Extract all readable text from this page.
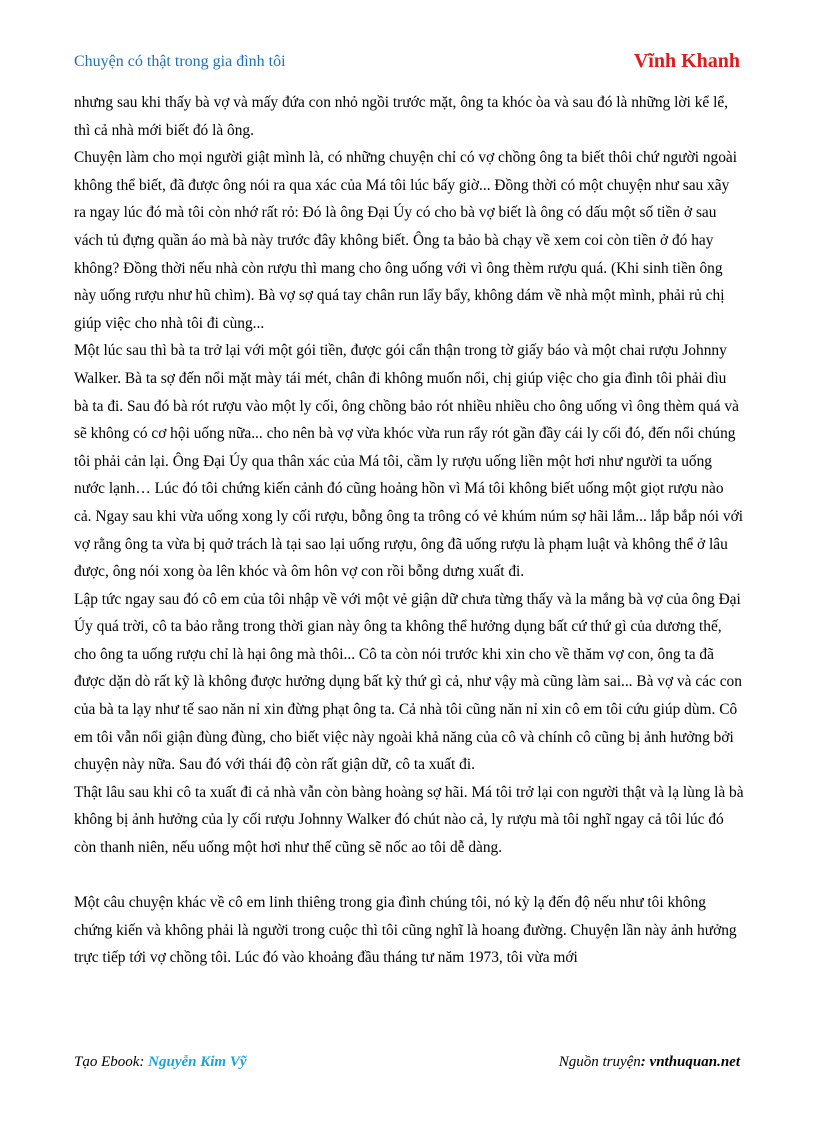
Chuyện có thật trong gia đình tôi	Vĩnh Khanh

nhưng sau khi thấy bà vợ và mấy đứa con nhỏ ngồi trước mặt, ông ta khóc òa và sau đó là những lời kể lể, thì cả nhà mới biết đó là ông.

Chuyện làm cho mọi người giật mình là, có những chuyện chỉ có vợ chồng ông ta biết thôi chứ người ngoài không thể biết, đã được ông nói ra qua xác của Má tôi lúc bấy giờ... Đồng thời có một chuyện như sau xãy ra ngay lúc đó mà tôi còn nhớ rất rỏ: Đó là ông Đại Úy có cho bà vợ biết là ông có dấu một số tiền ở sau vách tủ đựng quần áo mà bà này trước đây không biết. Ông ta bảo bà chạy về xem coi còn tiền ở đó hay không? Đồng thời nếu nhà còn rượu thì mang cho ông uống với vì ông thèm rượu quá. (Khi sinh tiền ông này uống rượu như hũ chìm). Bà vợ sợ quá tay chân run lẩy bẩy, không dám về nhà một mình, phải rủ chị giúp việc cho nhà tôi đi cùng...

Một lúc sau thì bà ta trở lại với một gói tiền, được gói cẩn thận trong tờ giấy báo và một chai rượu Johnny Walker. Bà ta sợ đến nổi mặt mày tái mét, chân đi không muốn nổi, chị giúp việc cho gia đình tôi phải dìu bà ta đi. Sau đó bà rót rượu vào một ly cối, ông chồng bảo rót nhiều nhiều cho ông uống vì ông thèm quá và sẽ không có cơ hội uống nữa... cho nên bà vợ vừa khóc vừa run rẩy rót gần đầy cái ly cối đó, đến nổi chúng tôi phải cản lại. Ông Đại Úy qua thân xác của Má tôi, cầm ly rượu uống liền một hơi như người ta uống nước lạnh… Lúc đó tôi chứng kiến cảnh đó cũng hoảng hồn vì Má tôi không biết uống một giọt rượu nào cả. Ngay sau khi vừa uống xong ly cối rượu, bỗng ông ta trông có vẻ khúm núm sợ hãi lắm... lắp bắp nói với vợ rằng ông ta vừa bị quở trách là tại sao lại uống rượu, ông đã uống rượu là phạm luật và không thể ở lâu được, ông nói xong òa lên khóc và ôm hôn vợ con rồi bỗng dưng xuất đi.

Lập tức ngay sau đó cô em của tôi nhập về với một vẻ giận dữ chưa từng thấy và la mắng bà vợ của ông Đại Úy quá trời, cô ta bảo rằng trong thời gian này ông ta không thể hưởng dụng bất cứ thứ gì của dương thế, cho ông ta uống rượu chỉ là hại ông mà thôi... Cô ta còn nói trước khi xin cho về thăm vợ con, ông ta đã được dặn dò rất kỹ là không được hưởng dụng bất kỳ thứ gì cả, như vậy mà cũng làm sai... Bà vợ và các con của bà ta lạy như tế sao năn nỉ xin đừng phạt ông ta. Cả nhà tôi cũng năn nỉ xin cô em tôi cứu giúp dùm. Cô em tôi vẫn nổi giận đùng đùng, cho biết việc này ngoài khả năng của cô và chính cô cũng bị ảnh hưởng bởi chuyện này nữa. Sau đó với thái độ còn rất giận dữ, cô ta xuất đi.

Thật lâu sau khi cô ta xuất đi cả nhà vẫn còn bàng hoàng sợ hãi. Má tôi trở lại con người thật và lạ lùng là bà không bị ảnh hưởng của ly cối rượu Johnny Walker đó chút nào cả, ly rượu mà tôi nghĩ ngay cả tôi lúc đó còn thanh niên, nếu uống một hơi như thế cũng sẽ nốc ao tôi dễ dàng.

Một câu chuyện khác về cô em linh thiêng trong gia đình chúng tôi, nó kỳ lạ đến độ nếu như tôi không chứng kiến và không phải là người trong cuộc thì tôi cũng nghĩ là hoang đường. Chuyện lần này ảnh hưởng trực tiếp tới vợ chồng tôi. Lúc đó vào khoảng đầu tháng tư năm 1973, tôi vừa mới

Tạo Ebook: Nguyễn Kim Vỹ	Nguồn truyện: vnthuquan.net
